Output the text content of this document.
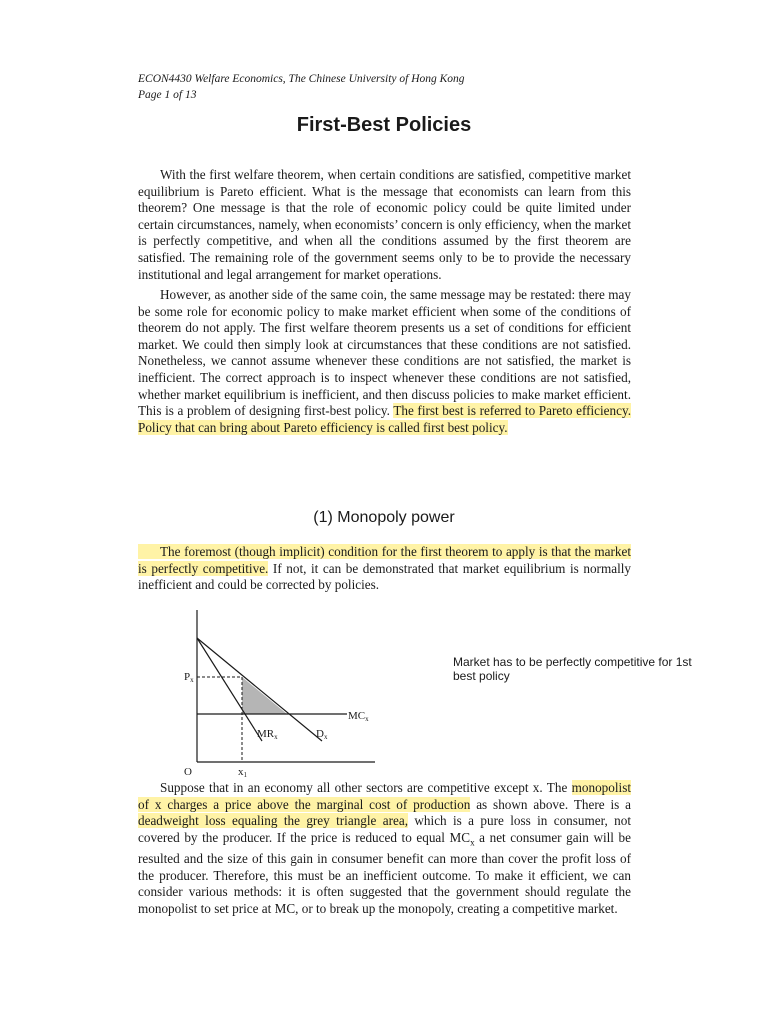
ECON4430 Welfare Economics, The Chinese University of Hong Kong
Page 1 of 13
First-Best Policies

With the first welfare theorem, when certain conditions are satisfied, competitive market equilibrium is Pareto efficient. What is the message that economists can learn from this theorem? One message is that the role of economic policy could be quite limited under certain circumstances, namely, when economists’ concern is only efficiency, when the market is perfectly competitive, and when all the conditions assumed by the first theorem are satisfied. The remaining role of the government seems only to be to provide the necessary institutional and legal arrangement for market operations.

However, as another side of the same coin, the same message may be restated: there may be some role for economic policy to make market efficient when some of the conditions of theorem do not apply. The first welfare theorem presents us a set of conditions for efficient market. We could then simply look at circumstances that these conditions are not satisfied. Nonetheless, we cannot assume whenever these conditions are not satisfied, the market is inefficient. The correct approach is to inspect whenever these conditions are not satisfied, whether market equilibrium is inefficient, and then discuss policies to make market efficient. This is a problem of designing first-best policy. The first best is referred to Pareto efficiency. Policy that can bring about Pareto efficiency is called first best policy.

(1) Monopoly power

The foremost (though implicit) condition for the first theorem to apply is that the market is perfectly competitive. If not, it can be demonstrated that market equilibrium is normally inefficient and could be corrected by policies.

Px
MCx
MRx	Dx
O	x1
Market has to be perfectly competitive for 1st best policy

Suppose that in an economy all other sectors are competitive except x. The monopolist of x charges a price above the marginal cost of production as shown above. There is a deadweight loss equaling the grey triangle area, which is a pure loss in consumer, not covered by the producer. If the price is reduced to equal $MC_x$ a net consumer gain will be resulted and the size of this gain in consumer benefit can more than cover the profit loss of the producer. Therefore, this must be an inefficient outcome. To make it efficient, we can consider various methods: it is often suggested that the government should regulate the monopolist to set price at MC, or to break up the monopoly, creating a competitive market.
